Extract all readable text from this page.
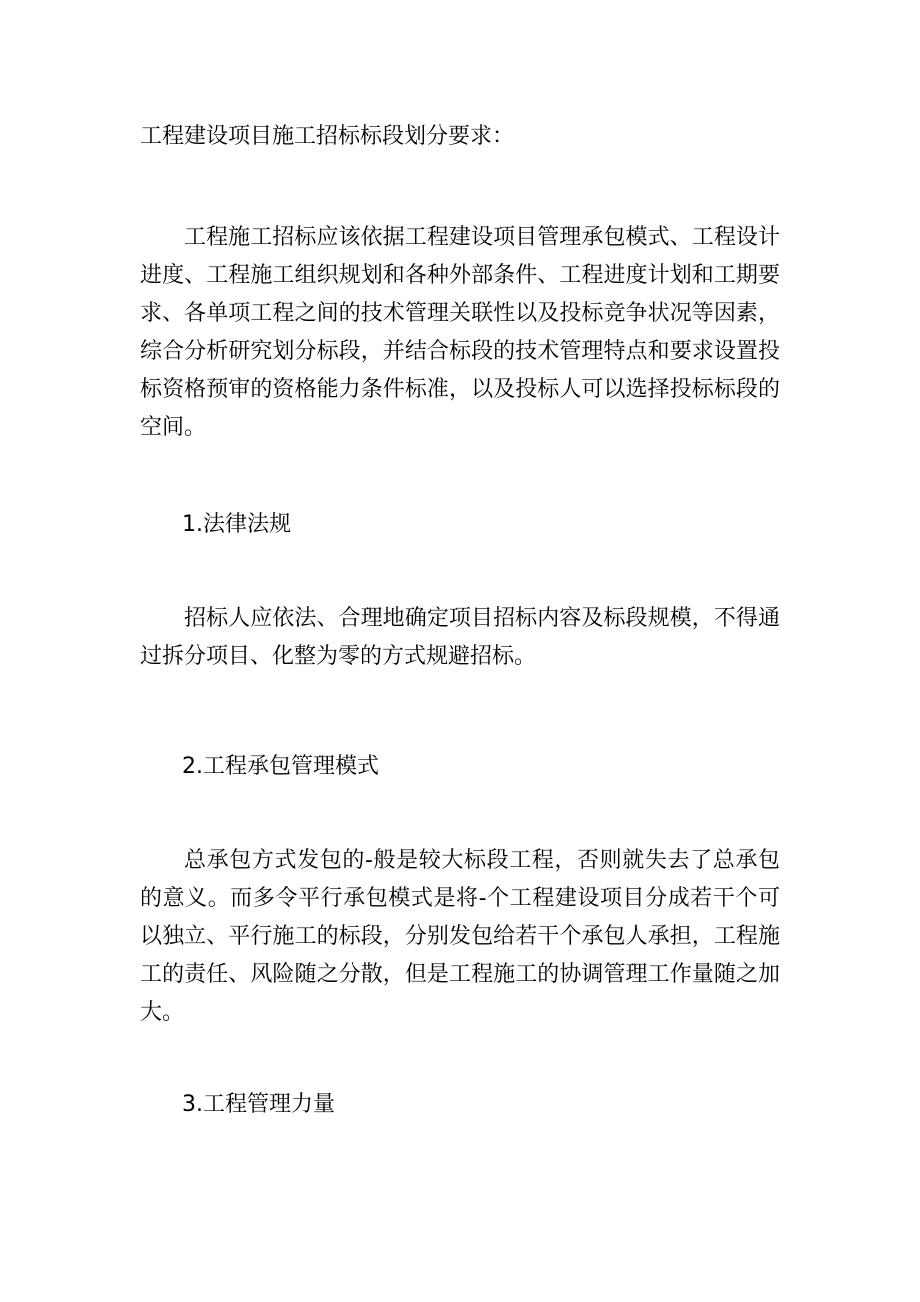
工程建设项目施工招标标段划分要求：

工程施工招标应该依据工程建设项目管理承包模式、工程设计进度、工程施工组织规划和各种外部条件、工程进度计划和工期要求、各单项工程之间的技术管理关联性以及投标竞争状况等因素，综合分析研究划分标段，并结合标段的技术管理特点和要求设置投标资格预审的资格能力条件标准，以及投标人可以选择投标标段的空间。

1.法律法规

招标人应依法、合理地确定项目招标内容及标段规模，不得通过拆分项目、化整为零的方式规避招标。

2.工程承包管理模式

总承包方式发包的-般是较大标段工程，否则就失去了总承包的意义。而多令平行承包模式是将-个工程建设项目分成若干个可以独立、平行施工的标段，分别发包给若干个承包人承担，工程施工的责任、风险随之分散，但是工程施工的协调管理工作量随之加大。

3.工程管理力量
